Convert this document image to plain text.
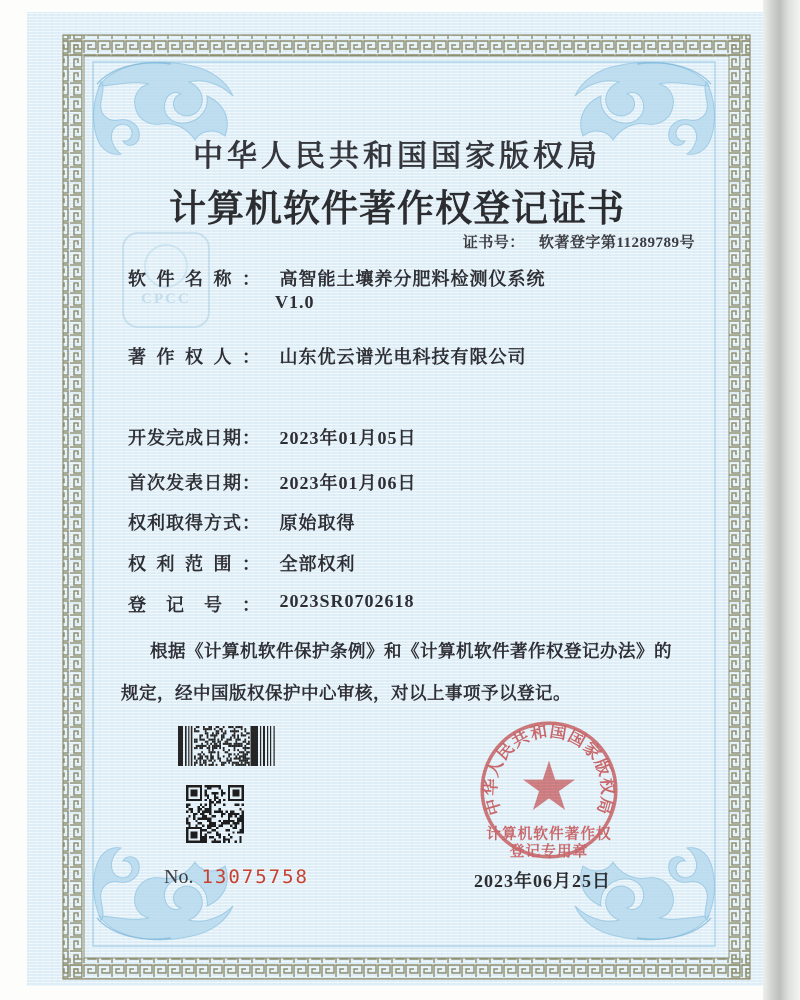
CPCC
中华人民共和国国家版权局
计算机软件著作权登记证书
证书号： 软著登字第11289789号
软件名称： 高智能土壤养分肥料检测仪系统
V1.0
著作权人： 山东优云谱光电科技有限公司
开发完成日期： 2023年01月05日
首次发表日期： 2023年01月06日
权利取得方式： 原始取得
权利范围： 全部权利
登记号： 2023SR0702618
根据《计算机软件保护条例》和《计算机软件著作权登记办法》的
规定，经中国版权保护中心审核，对以上事项予以登记。
No. 13075758
中华人民共和国国家版权局
计算机软件著作权
登记专用章
2023年06月25日
